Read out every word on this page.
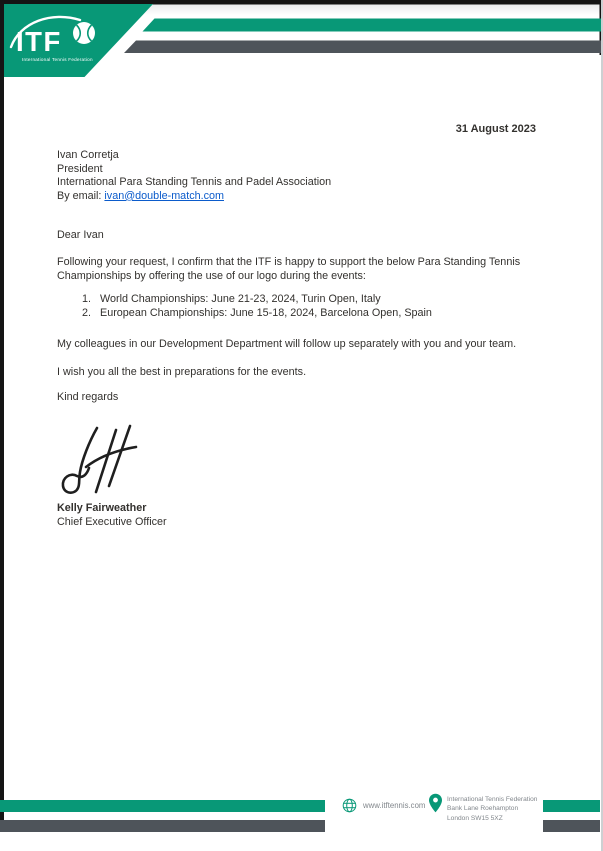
ITF
International Tennis Federation
31 August 2023
Ivan Corretja
President
International Para Standing Tennis and Padel Association
By email: ivan@double-match.com
Dear Ivan
Following your request, I confirm that the ITF is happy to support the below Para Standing Tennis
Championships by offering the use of our logo during the events:
1. World Championships: June 21-23, 2024, Turin Open, Italy
2. European Championships: June 15-18, 2024, Barcelona Open, Spain
My colleagues in our Development Department will follow up separately with you and your team.
I wish you all the best in preparations for the events.
Kind regards
Kelly Fairweather
Chief Executive Officer
www.itftennis.com
International Tennis Federation
Bank Lane Roehampton
London SW15 5XZ
